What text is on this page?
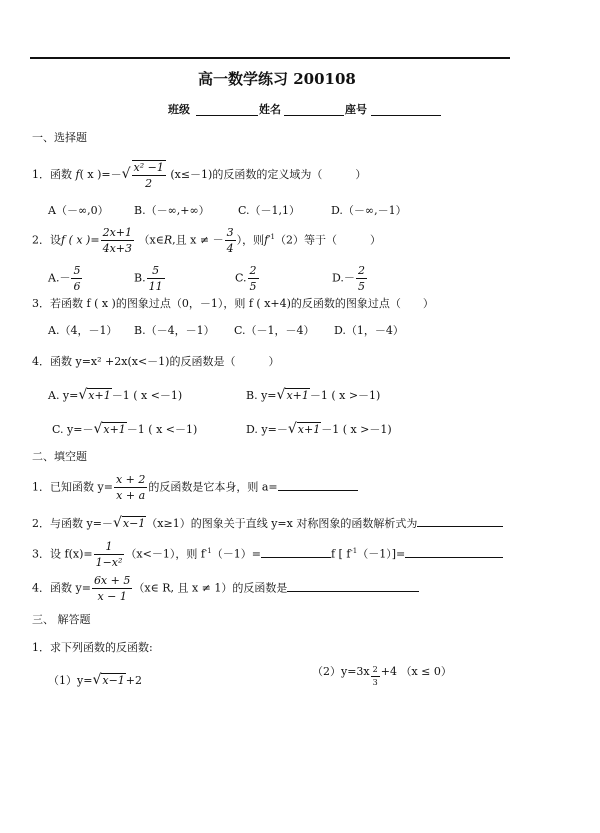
高一数学练习 200108
班级	姓名	座号
一、选择题
1．函数 f( x )=－√ $\frac{\text{x² −1}}{2} (x\le-1)$的反函数的定义域为（　　　）
A（－∞,0） B.（－∞,+∞）	C.（－1,1）	D.（－∞,－1）
2．设f ( x )= $\frac{2x+1}{4x+3}$ （x∈R,且 x ≠ － $\frac{3}{4}$ ），则$f^{-1}(2)$等于（　　　）
$A.- \frac{5}{6}$	B. $\frac{5}{11}$	C. $\frac{2}{5}$	$D.- \frac{2}{5}$
3．若函数 f ( x )的图象过点（0，－1），则 f ( x+4)的反函数的图象过点（　　）
A.（4，－1） B.（－4，－1） C.（－1，－4） D.（1，－4）
4．函数 y=x² +2x(x<－1)的反函数是（　　　）
A. y=√x+1－1 ( x <－1)	B. y=√x+1－1 ( x >－1)
C. y=－√x+1－1 ( x <－1)	D. y=－√x+1－1 ( x >－1)
二、填空题
1．已知函数 $y= \frac{x + 2}{x + a}$ 的反函数是它本身，则 a=
2．与函数 y=－√x−1（x≥1）的图象关于直线 y=x 对称图象的函数解析式为
3．设 $f(x)= \frac{1}{\text{1−x²}} (x<-1)$，则 $f^{-1}(-1)=$	f [ $f^{-1}(-1)]=$
4．函数 $y= \frac{6x + 5}{x - 1}$ （x∈ R, 且 x ≠ 1）的反函数是
三、 解答题
1．求下列函数的反函数:
（1）y=√x−1+2
$(2)y=3x \frac{2}{3} +4$ （x ≤ 0）
